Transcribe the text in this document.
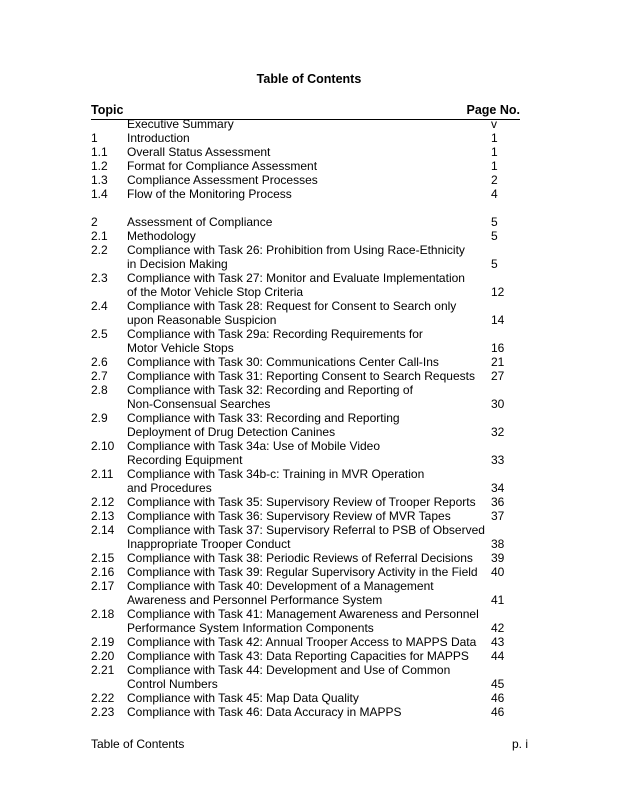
Table of Contents
Topic	Page No.
Executive Summary	v
1 Introduction	1
1.1 Overall Status Assessment	1
1.2 Format for Compliance Assessment	1
1.3 Compliance Assessment Processes	2
1.4 Flow of the Monitoring Process	4
2 Assessment of Compliance	5
2.1 Methodology	5
2.2 Compliance with Task 26: Prohibition from Using Race-Ethnicity
in Decision Making	5
2.3 Compliance with Task 27: Monitor and Evaluate Implementation
of the Motor Vehicle Stop Criteria	12
2.4 Compliance with Task 28: Request for Consent to Search only
upon Reasonable Suspicion	14
2.5 Compliance with Task 29a: Recording Requirements for
Motor Vehicle Stops	16
2.6 Compliance with Task 30: Communications Center Call-Ins	21
2.7 Compliance with Task 31: Reporting Consent to Search Requests 27
2.8 Compliance with Task 32: Recording and Reporting of
Non-Consensual Searches	30
2.9 Compliance with Task 33: Recording and Reporting
Deployment of Drug Detection Canines	32
2.10 Compliance with Task 34a: Use of Mobile Video
Recording Equipment	33
2.11 Compliance with Task 34b-c: Training in MVR Operation
and Procedures	34
2.12 Compliance with Task 35: Supervisory Review of Trooper Reports 36
2.13 Compliance with Task 36: Supervisory Review of MVR Tapes	37
2.14 Compliance with Task 37: Supervisory Referral to PSB of Observed
Inappropriate Trooper Conduct	38
2.15 Compliance with Task 38: Periodic Reviews of Referral Decisions 39
2.16 Compliance with Task 39: Regular Supervisory Activity in the Field 40
2.17 Compliance with Task 40: Development of a Management
Awareness and Personnel Performance System	41
2.18 Compliance with Task 41: Management Awareness and Personnel
Performance System Information Components	42
2.19 Compliance with Task 42: Annual Trooper Access to MAPPS Data 43
2.20 Compliance with Task 43: Data Reporting Capacities for MAPPS 44
2.21 Compliance with Task 44: Development and Use of Common
Control Numbers	45
2.22 Compliance with Task 45: Map Data Quality	46
2.23 Compliance with Task 46: Data Accuracy in MAPPS	46
Table of Contents	p. i
